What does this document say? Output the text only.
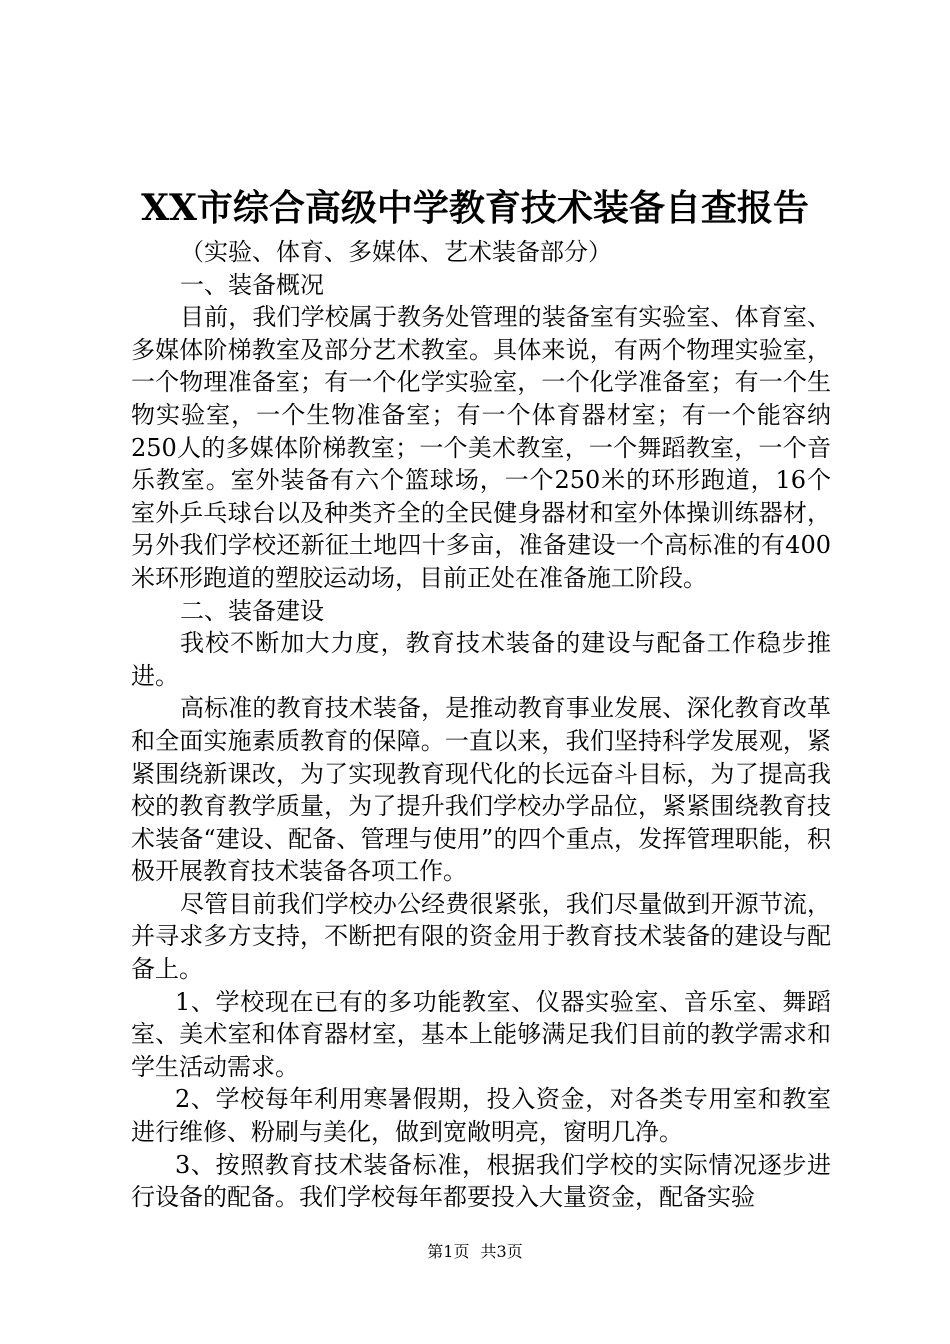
XX市综合高级中学教育技术装备自查报告

（实验、体育、多媒体、艺术装备部分）

一、装备概况

目前，我们学校属于教务处管理的装备室有实验室、体育室、多媒体阶梯教室及部分艺术教室。具体来说，有两个物理实验室，一个物理准备室；有一个化学实验室，一个化学准备室；有一个生物实验室，一个生物准备室；有一个体育器材室；有一个能容纳250人的多媒体阶梯教室；一个美术教室，一个舞蹈教室，一个音乐教室。室外装备有六个篮球场，一个250米的环形跑道，16个室外乒乓球台以及种类齐全的全民健身器材和室外体操训练器材，另外我们学校还新征土地四十多亩，准备建设一个高标准的有400米环形跑道的塑胶运动场，目前正处在准备施工阶段。

二、装备建设

我校不断加大力度，教育技术装备的建设与配备工作稳步推进。

高标准的教育技术装备，是推动教育事业发展、深化教育改革和全面实施素质教育的保障。一直以来，我们坚持科学发展观，紧紧围绕新课改，为了实现教育现代化的长远奋斗目标，为了提高我校的教育教学质量，为了提升我们学校办学品位，紧紧围绕教育技术装备“建设、配备、管理与使用”的四个重点，发挥管理职能，积极开展教育技术装备各项工作。

尽管目前我们学校办公经费很紧张，我们尽量做到开源节流，并寻求多方支持，不断把有限的资金用于教育技术装备的建设与配备上。

1、学校现在已有的多功能教室、仪器实验室、音乐室、舞蹈室、美术室和体育器材室，基本上能够满足我们目前的教学需求和学生活动需求。

2、学校每年利用寒暑假期，投入资金，对各类专用室和教室进行维修、粉刷与美化，做到宽敞明亮，窗明几净。

3、按照教育技术装备标准，根据我们学校的实际情况逐步进行设备的配备。我们学校每年都要投入大量资金，配备实验

第1页 共3页
